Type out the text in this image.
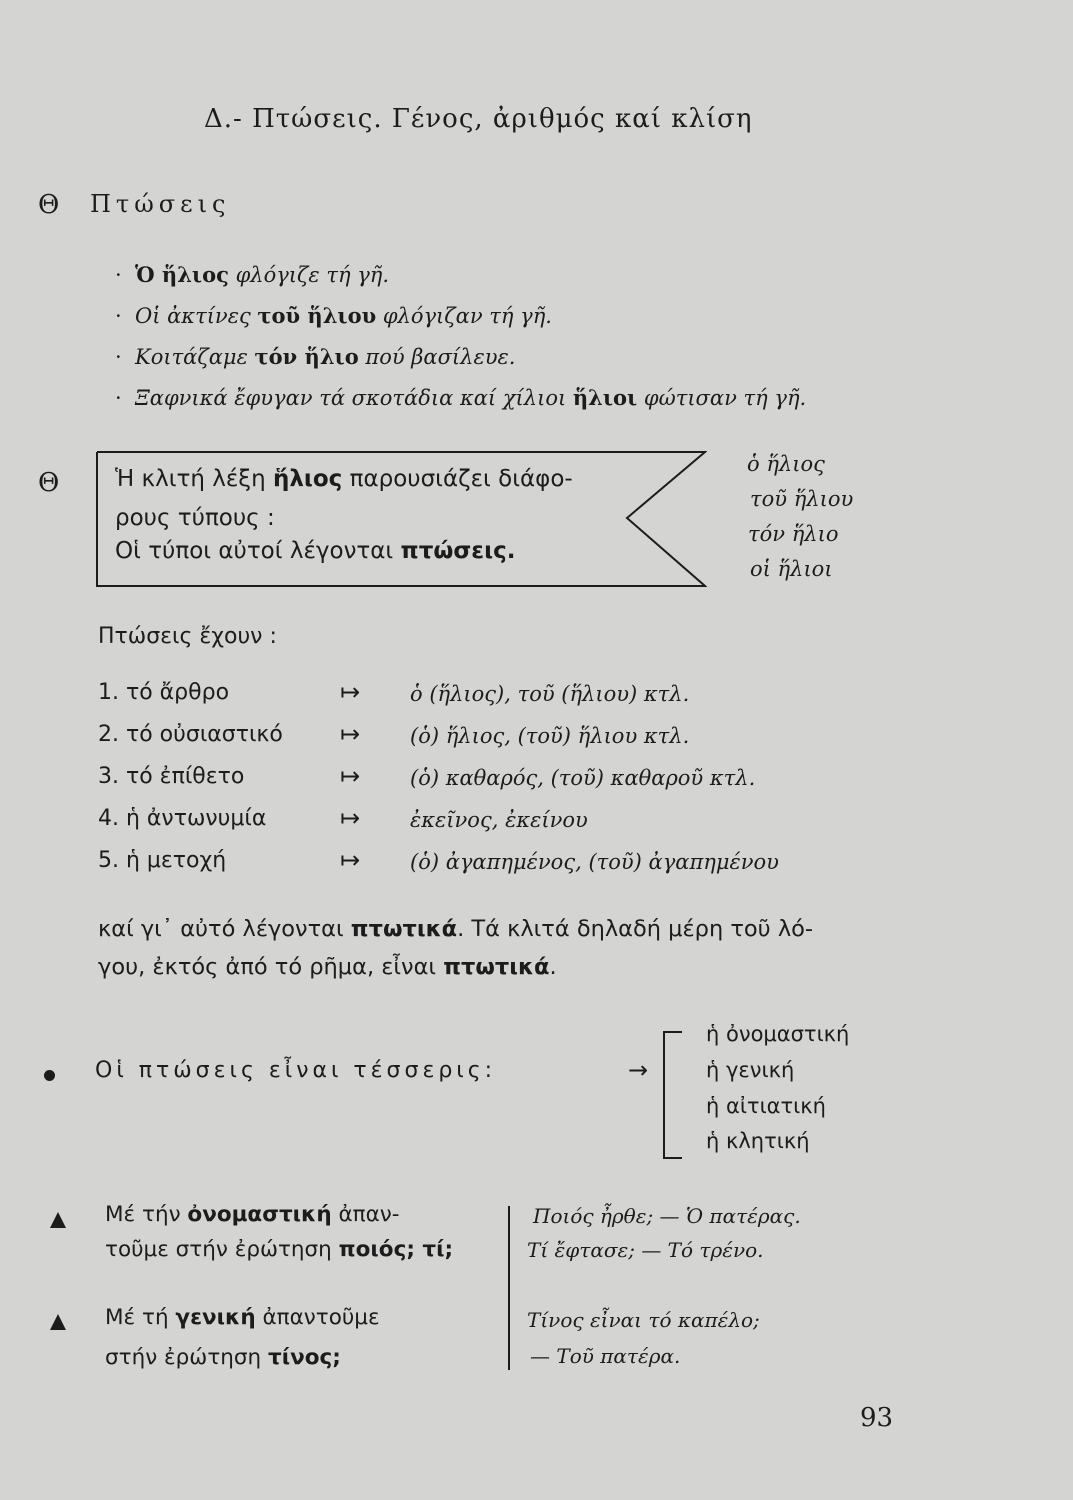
Δ.- Πτώσεις. Γένος, ἀριθμός καί κλίση
Θ Πτώσεις
· Ὁ ἥλιος φλόγιζε τή γῆ.
· Οἱ ἀκτίνες τοῦ ἥλιου φλόγιζαν τή γῆ.
· Κοιτάζαμε τόν ἥλιο πού βασίλευε.
· Ξαφνικά ἔφυγαν τά σκοτάδια καί χίλιοι ἥλιοι φώτισαν τή γῆ.
Θ Ἡ κλιτή λέξη ἥλιος παρουσιάζει διάφο-
ρους τύπους :
Οἱ τύποι αὐτοί λέγονται πτώσεις.
ὁ ἥλιος
τοῦ ἥλιου
τόν ἥλιο
οἱ ἥλιοι
Πτώσεις ἔχουν :
1. τό ἄρθρο	↦ ὁ (ἥλιος), τοῦ (ἥλιου) κτλ.
2. τό οὐσιαστικό ↦ (ὁ) ἥλιος, (τοῦ) ἥλιου κτλ.
3. τό ἐπίθετο	↦ (ὁ) καθαρός, (τοῦ) καθαροῦ κτλ.
4. ἡ ἀντωνυμία	↦ ἐκεῖνος, ἐκείνου
5. ἡ μετοχή	↦ (ὁ) ἀγαπημένος, (τοῦ) ἀγαπημένου
καί γι᾿ αὐτό λέγονται πτωτικά. Τά κλιτά δηλαδή μέρη τοῦ λό-
γου, ἐκτός ἀπό τό ρῆμα, εἶναι πτωτικά.
Οἱ πτώσεις εἶναι τέσσερις:	→
ἡ ὀνομαστική
ἡ γενική
ἡ αἰτιατική
ἡ κλητική
Μέ τήν ὀνομαστική ἀπαν-
τοῦμε στήν ἐρώτηση ποιός; τί;
Ποιός ἦρθε; — Ὁ πατέρας.
Τί ἔφτασε; — Τό τρένο.
Μέ τή γενική ἀπαντοῦμε
στήν ἐρώτηση τίνος;
Τίνος εἶναι τό καπέλο;
— Τοῦ πατέρα.
93
